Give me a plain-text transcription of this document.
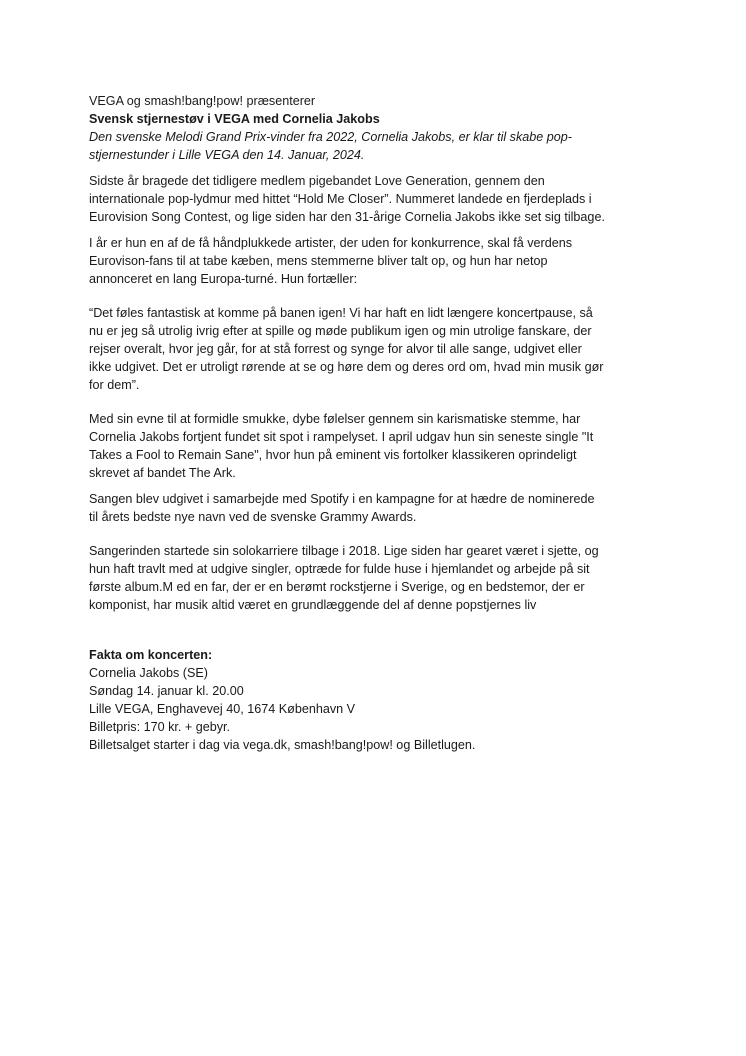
VEGA og smash!bang!pow! præsenterer
Svensk stjernestøv i VEGA med Cornelia Jakobs
Den svenske Melodi Grand Prix-vinder fra 2022, Cornelia Jakobs, er klar til skabe pop-
stjernestunder i Lille VEGA den 14. Januar, 2024.
Sidste år bragede det tidligere medlem pigebandet Love Generation, gennem den
internationale pop-lydmur med hittet “Hold Me Closer”. Nummeret landede en fjerdeplads i
Eurovision Song Contest, og lige siden har den 31-årige Cornelia Jakobs ikke set sig tilbage.
I år er hun en af de få håndplukkede artister, der uden for konkurrence, skal få verdens
Eurovison-fans til at tabe kæben, mens stemmerne bliver talt op, og hun har netop
annonceret en lang Europa-turné. Hun fortæller:
“Det føles fantastisk at komme på banen igen! Vi har haft en lidt længere koncertpause, så
nu er jeg så utrolig ivrig efter at spille og møde publikum igen og min utrolige fanskare, der
rejser overalt, hvor jeg går, for at stå forrest og synge for alvor til alle sange, udgivet eller
ikke udgivet. Det er utroligt rørende at se og høre dem og deres ord om, hvad min musik gør
for dem”.
Med sin evne til at formidle smukke, dybe følelser gennem sin karismatiske stemme, har
Cornelia Jakobs fortjent fundet sit spot i rampelyset. I april udgav hun sin seneste single "It
Takes a Fool to Remain Sane", hvor hun på eminent vis fortolker klassikeren oprindeligt
skrevet af bandet The Ark.
Sangen blev udgivet i samarbejde med Spotify i en kampagne for at hædre de nominerede
til årets bedste nye navn ved de svenske Grammy Awards.
Sangerinden startede sin solokarriere tilbage i 2018. Lige siden har gearet været i sjette, og
hun haft travlt med at udgive singler, optræde for fulde huse i hjemlandet og arbejde på sit
første album.M ed en far, der er en berømt rockstjerne i Sverige, og en bedstemor, der er
komponist, har musik altid været en grundlæggende del af denne popstjernes liv
Fakta om koncerten:
Cornelia Jakobs (SE)
Søndag 14. januar kl. 20.00
Lille VEGA, Enghavevej 40, 1674 København V
Billetpris: 170 kr. + gebyr.
Billetsalget starter i dag via vega.dk, smash!bang!pow! og Billetlugen.
